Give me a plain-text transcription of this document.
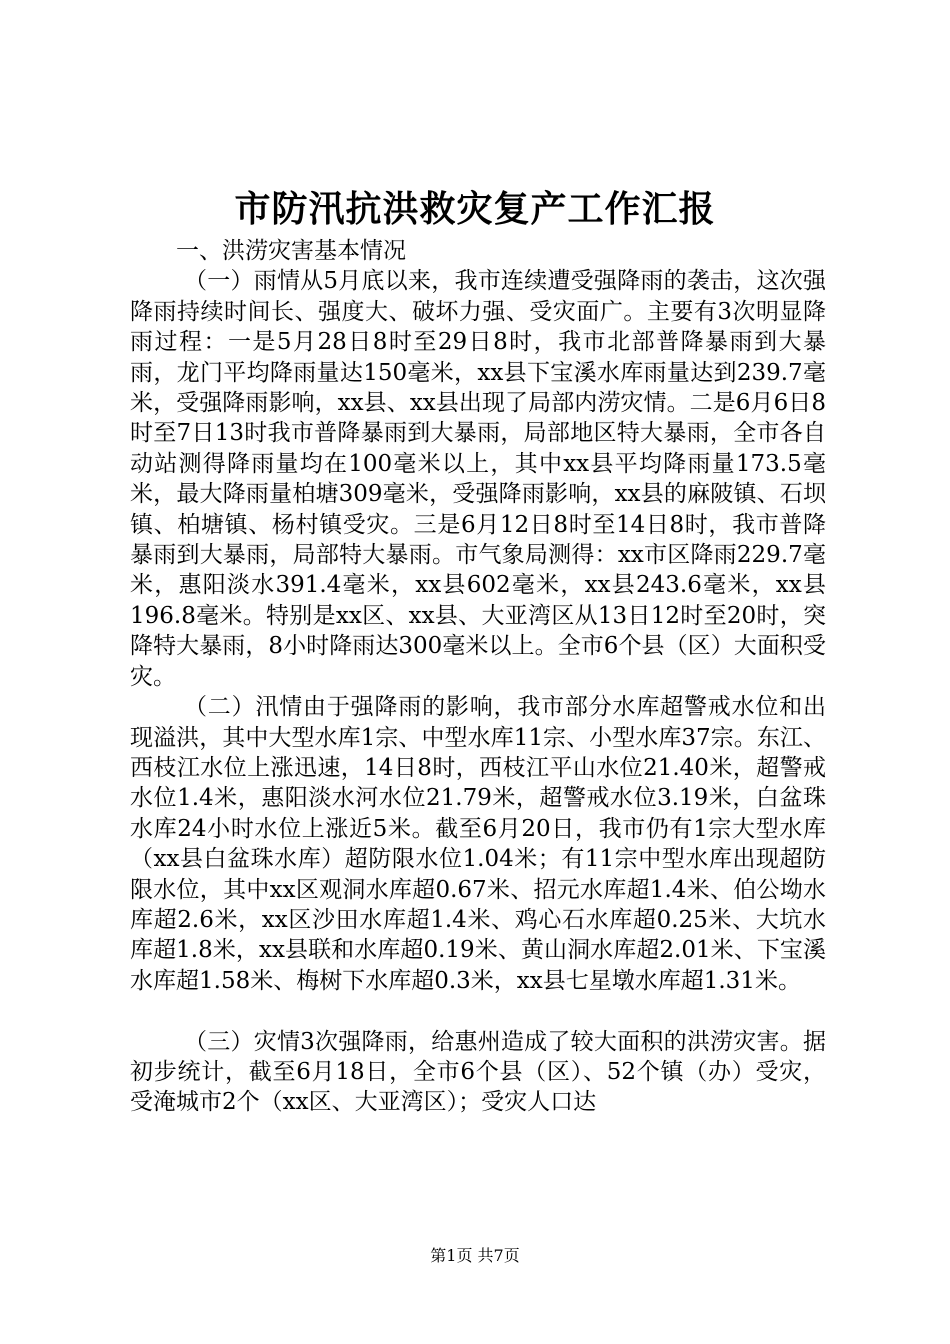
市防汛抗洪救灾复产工作汇报

一、洪涝灾害基本情况

（一）雨情从5月底以来，我市连续遭受强降雨的袭击，这次强降雨持续时间长、强度大、破坏力强、受灾面广。主要有3次明显降雨过程：一是5月28日8时至29日8时，我市北部普降暴雨到大暴雨，龙门平均降雨量达150毫米，xx县下宝溪水库雨量达到239.7毫米，受强降雨影响，xx县、xx县出现了局部内涝灾情。二是6月6日8时至7日13时我市普降暴雨到大暴雨，局部地区特大暴雨，全市各自动站测得降雨量均在100毫米以上，其中xx县平均降雨量173.5毫米，最大降雨量柏塘309毫米，受强降雨影响，xx县的麻陂镇、石坝镇、柏塘镇、杨村镇受灾。三是6月12日8时至14日8时，我市普降暴雨到大暴雨，局部特大暴雨。市气象局测得：xx市区降雨229.7毫米，惠阳淡水391.4毫米，xx县602毫米，xx县243.6毫米，xx县196.8毫米。特别是xx区、xx县、大亚湾区从13日12时至20时，突降特大暴雨，8小时降雨达300毫米以上。全市6个县（区）大面积受灾。

（二）汛情由于强降雨的影响，我市部分水库超警戒水位和出现溢洪，其中大型水库1宗、中型水库11宗、小型水库37宗。东江、西枝江水位上涨迅速，14日8时，西枝江平山水位21.40米，超警戒水位1.4米，惠阳淡水河水位21.79米，超警戒水位3.19米，白盆珠水库24小时水位上涨近5米。截至6月20日，我市仍有1宗大型水库（xx县白盆珠水库）超防限水位1.04米；有11宗中型水库出现超防限水位，其中xx区观洞水库超0.67米、招元水库超1.4米、伯公坳水库超2.6米，xx区沙田水库超1.4米、鸡心石水库超0.25米、大坑水库超1.8米，xx县联和水库超0.19米、黄山洞水库超2.01米、下宝溪水库超1.58米、梅树下水库超0.3米，xx县七星墩水库超1.31米。

（三）灾情3次强降雨，给惠州造成了较大面积的洪涝灾害。据初步统计，截至6月18日，全市6个县（区）、52个镇（办）受灾，受淹城市2个（xx区、大亚湾区）；受灾人口达

第1页 共7页
